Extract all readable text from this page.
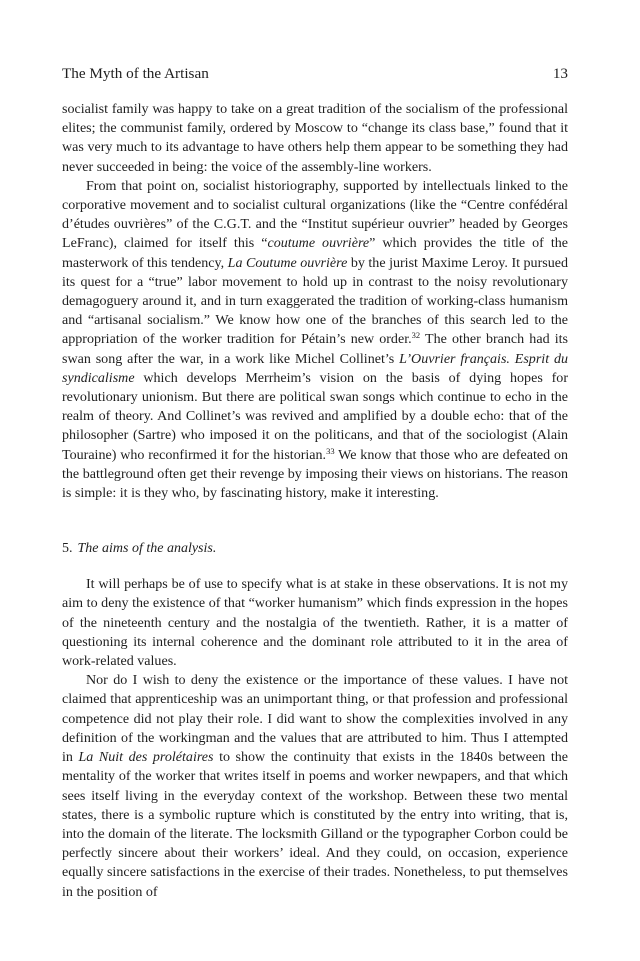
The Myth of the Artisan	13

socialist family was happy to take on a great tradition of the socialism of the professional elites; the communist family, ordered by Moscow to “change its class base,” found that it was very much to its advantage to have others help them appear to be something they had never succeeded in being: the voice of the assembly-line workers.

From that point on, socialist historiography, supported by intellectuals linked to the corporative movement and to socialist cultural organizations (like the “Centre confédéral d’études ouvrières” of the C.G.T. and the “Institut supérieur ouvrier” headed by Georges LeFranc), claimed for itself this “coutume ouvrière” which provides the title of the masterwork of this tendency, La Coutume ouvrière by the jurist Maxime Leroy. It pursued its quest for a “true” labor movement to hold up in contrast to the noisy revolutionary demagoguery around it, and in turn exaggerated the tradition of working-class humanism and “artisanal socialism.” We know how one of the branches of this search led to the appropriation of the worker tradition for Pétain’s new order.$^{32}$ The other branch had its swan song after the war, in a work like Michel Collinet’s L’Ouvrier français. Esprit du syndicalisme which develops Merrheim’s vision on the basis of dying hopes for revolutionary unionism. But there are political swan songs which continue to echo in the realm of theory. And Collinet’s was revived and amplified by a double echo: that of the philosopher (Sartre) who imposed it on the politicans, and that of the sociologist (Alain Touraine) who reconfirmed it for the historian.$^{33}$ We know that those who are defeated on the battleground often get their revenge by imposing their views on historians. The reason is simple: it is they who, by fascinating history, make it interesting.

5. The aims of the analysis.

It will perhaps be of use to specify what is at stake in these observations. It is not my aim to deny the existence of that “worker humanism” which finds expression in the hopes of the nineteenth century and the nostalgia of the twentieth. Rather, it is a matter of questioning its internal coherence and the dominant role attributed to it in the area of work-related values.

Nor do I wish to deny the existence or the importance of these values. I have not claimed that apprenticeship was an unimportant thing, or that profession and professional competence did not play their role. I did want to show the complexities involved in any definition of the workingman and the values that are attributed to him. Thus I attempted in La Nuit des prolétaires to show the continuity that exists in the 1840s between the mentality of the worker that writes itself in poems and worker newpapers, and that which sees itself living in the everyday context of the workshop. Between these two mental states, there is a symbolic rupture which is constituted by the entry into writing, that is, into the domain of the literate. The locksmith Gilland or the typographer Corbon could be perfectly sincere about their workers’ ideal. And they could, on occasion, experience equally sincere satisfactions in the exercise of their trades. Nonetheless, to put themselves in the position of
